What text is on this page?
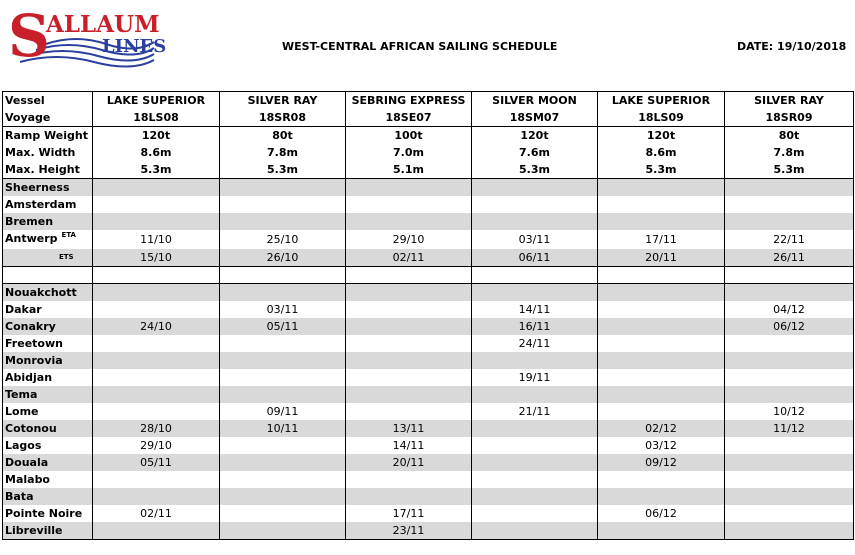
S
ALLAUM
LINES	WEST-CENTRAL AFRICAN SAILING SCHEDULE	DATE: 19/10/2018
Vessel	LAKE SUPERIOR	SILVER RAY	SEBRING EXPRESS	SILVER MOON	LAKE SUPERIOR	SILVER RAY
Voyage	18LS08	18SR08	18SE07	18SM07	18LS09	18SR09
Ramp Weight	120t	80t	100t	120t	120t	80t
Max. Width	8.6m	7.8m	7.0m	7.6m	8.6m	7.8m
Max. Height	5.3m	5.3m	5.1m	5.3m	5.3m	5.3m
Sheerness						
Amsterdam						
Bremen						
Antwerp $^{ETA}$	11/10	25/10	29/10	03/11	17/11	22/11

ETS	15/10	26/10	02/11	06/11	20/11	26/11

Nouakchott						
Dakar		03/11		14/11		04/12
Conakry	24/10	05/11		16/11		06/12
Freetown				24/11		
Monrovia						
Abidjan				19/11		
Tema						
Lome		09/11		21/11		10/12
Cotonou	28/10	10/11	13/11		02/12	11/12
Lagos	29/10		14/11		03/12	
Douala	05/11		20/11		09/12	
Malabo						
Bata						
Pointe Noire	02/11		17/11		06/12	
Libreville			23/11			
